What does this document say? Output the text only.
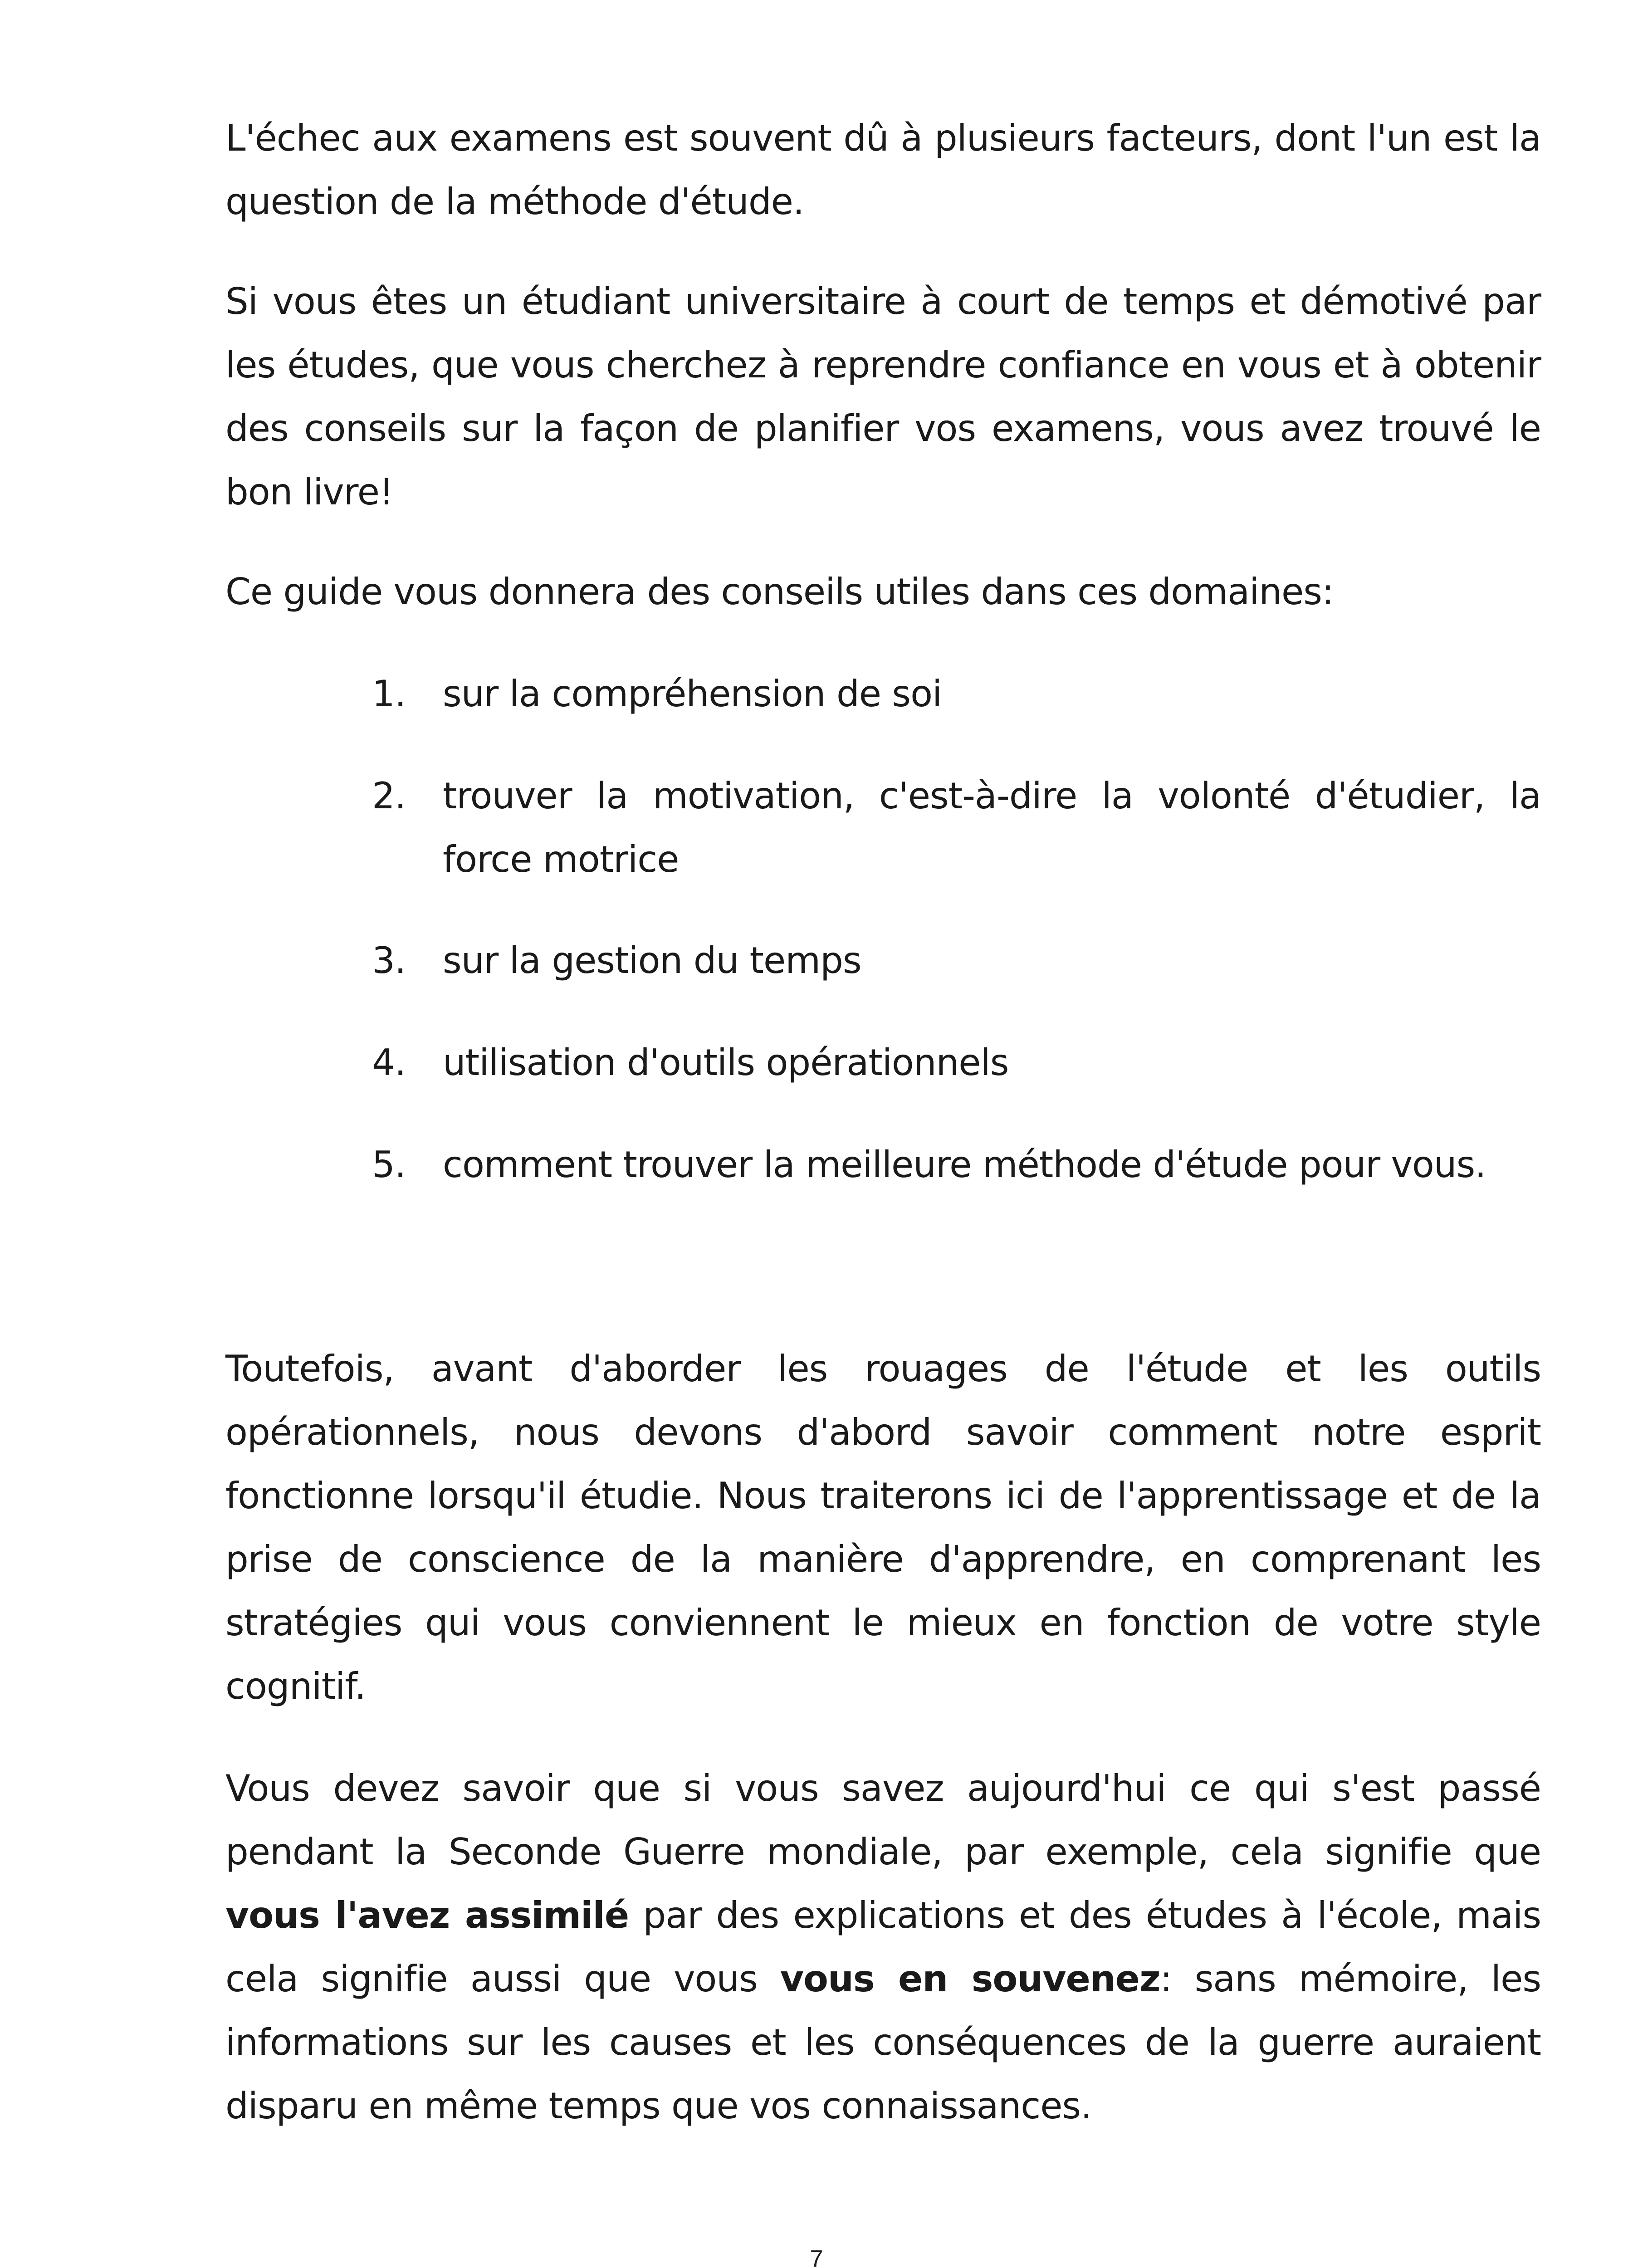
L'échec aux examens est souvent dû à plusieurs facteurs, dont l'un est la question de la méthode d'étude.

Si vous êtes un étudiant universitaire à court de temps et démotivé par les études, que vous cherchez à reprendre confiance en vous et à obtenir des conseils sur la façon de planifier vos examens, vous avez trouvé le bon livre!

Ce guide vous donnera des conseils utiles dans ces domaines:

1.	sur la compréhension de soi
2.	trouver la motivation, c'est-à-dire la volonté d'étudier, la force motrice
3.	sur la gestion du temps
4.	utilisation d'outils opérationnels
5.	comment trouver la meilleure méthode d'étude pour vous.

Toutefois, avant d'aborder les rouages de l'étude et les outils opérationnels, nous devons d'abord savoir comment notre esprit fonctionne lorsqu'il étudie. Nous traiterons ici de l'apprentissage et de la prise de conscience de la manière d'apprendre, en comprenant les stratégies qui vous conviennent le mieux en fonction de votre style cognitif.

Vous devez savoir que si vous savez aujourd'hui ce qui s'est passé pendant la Seconde Guerre mondiale, par exemple, cela signifie que vous l'avez assimilé par des explications et des études à l'école, mais cela signifie aussi que vous vous en souvenez: sans mémoire, les informations sur les causes et les conséquences de la guerre auraient disparu en même temps que vos connaissances.

7
